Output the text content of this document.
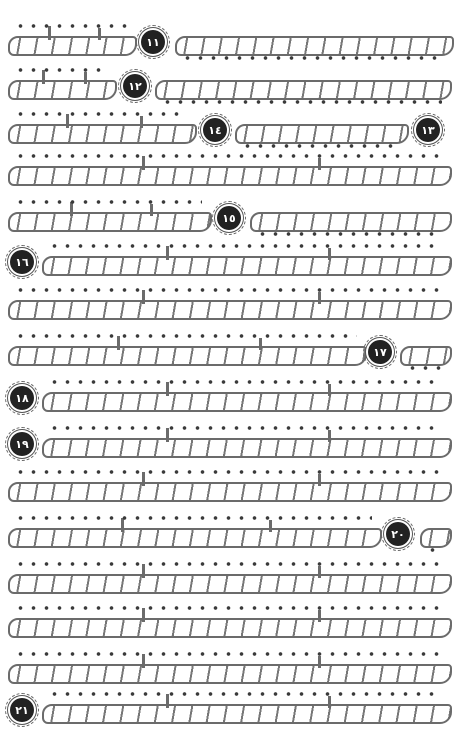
١١
١٢
١٣
١٤
١٥
١٦
١٧
١٨
١٩
٢٠
٢١
